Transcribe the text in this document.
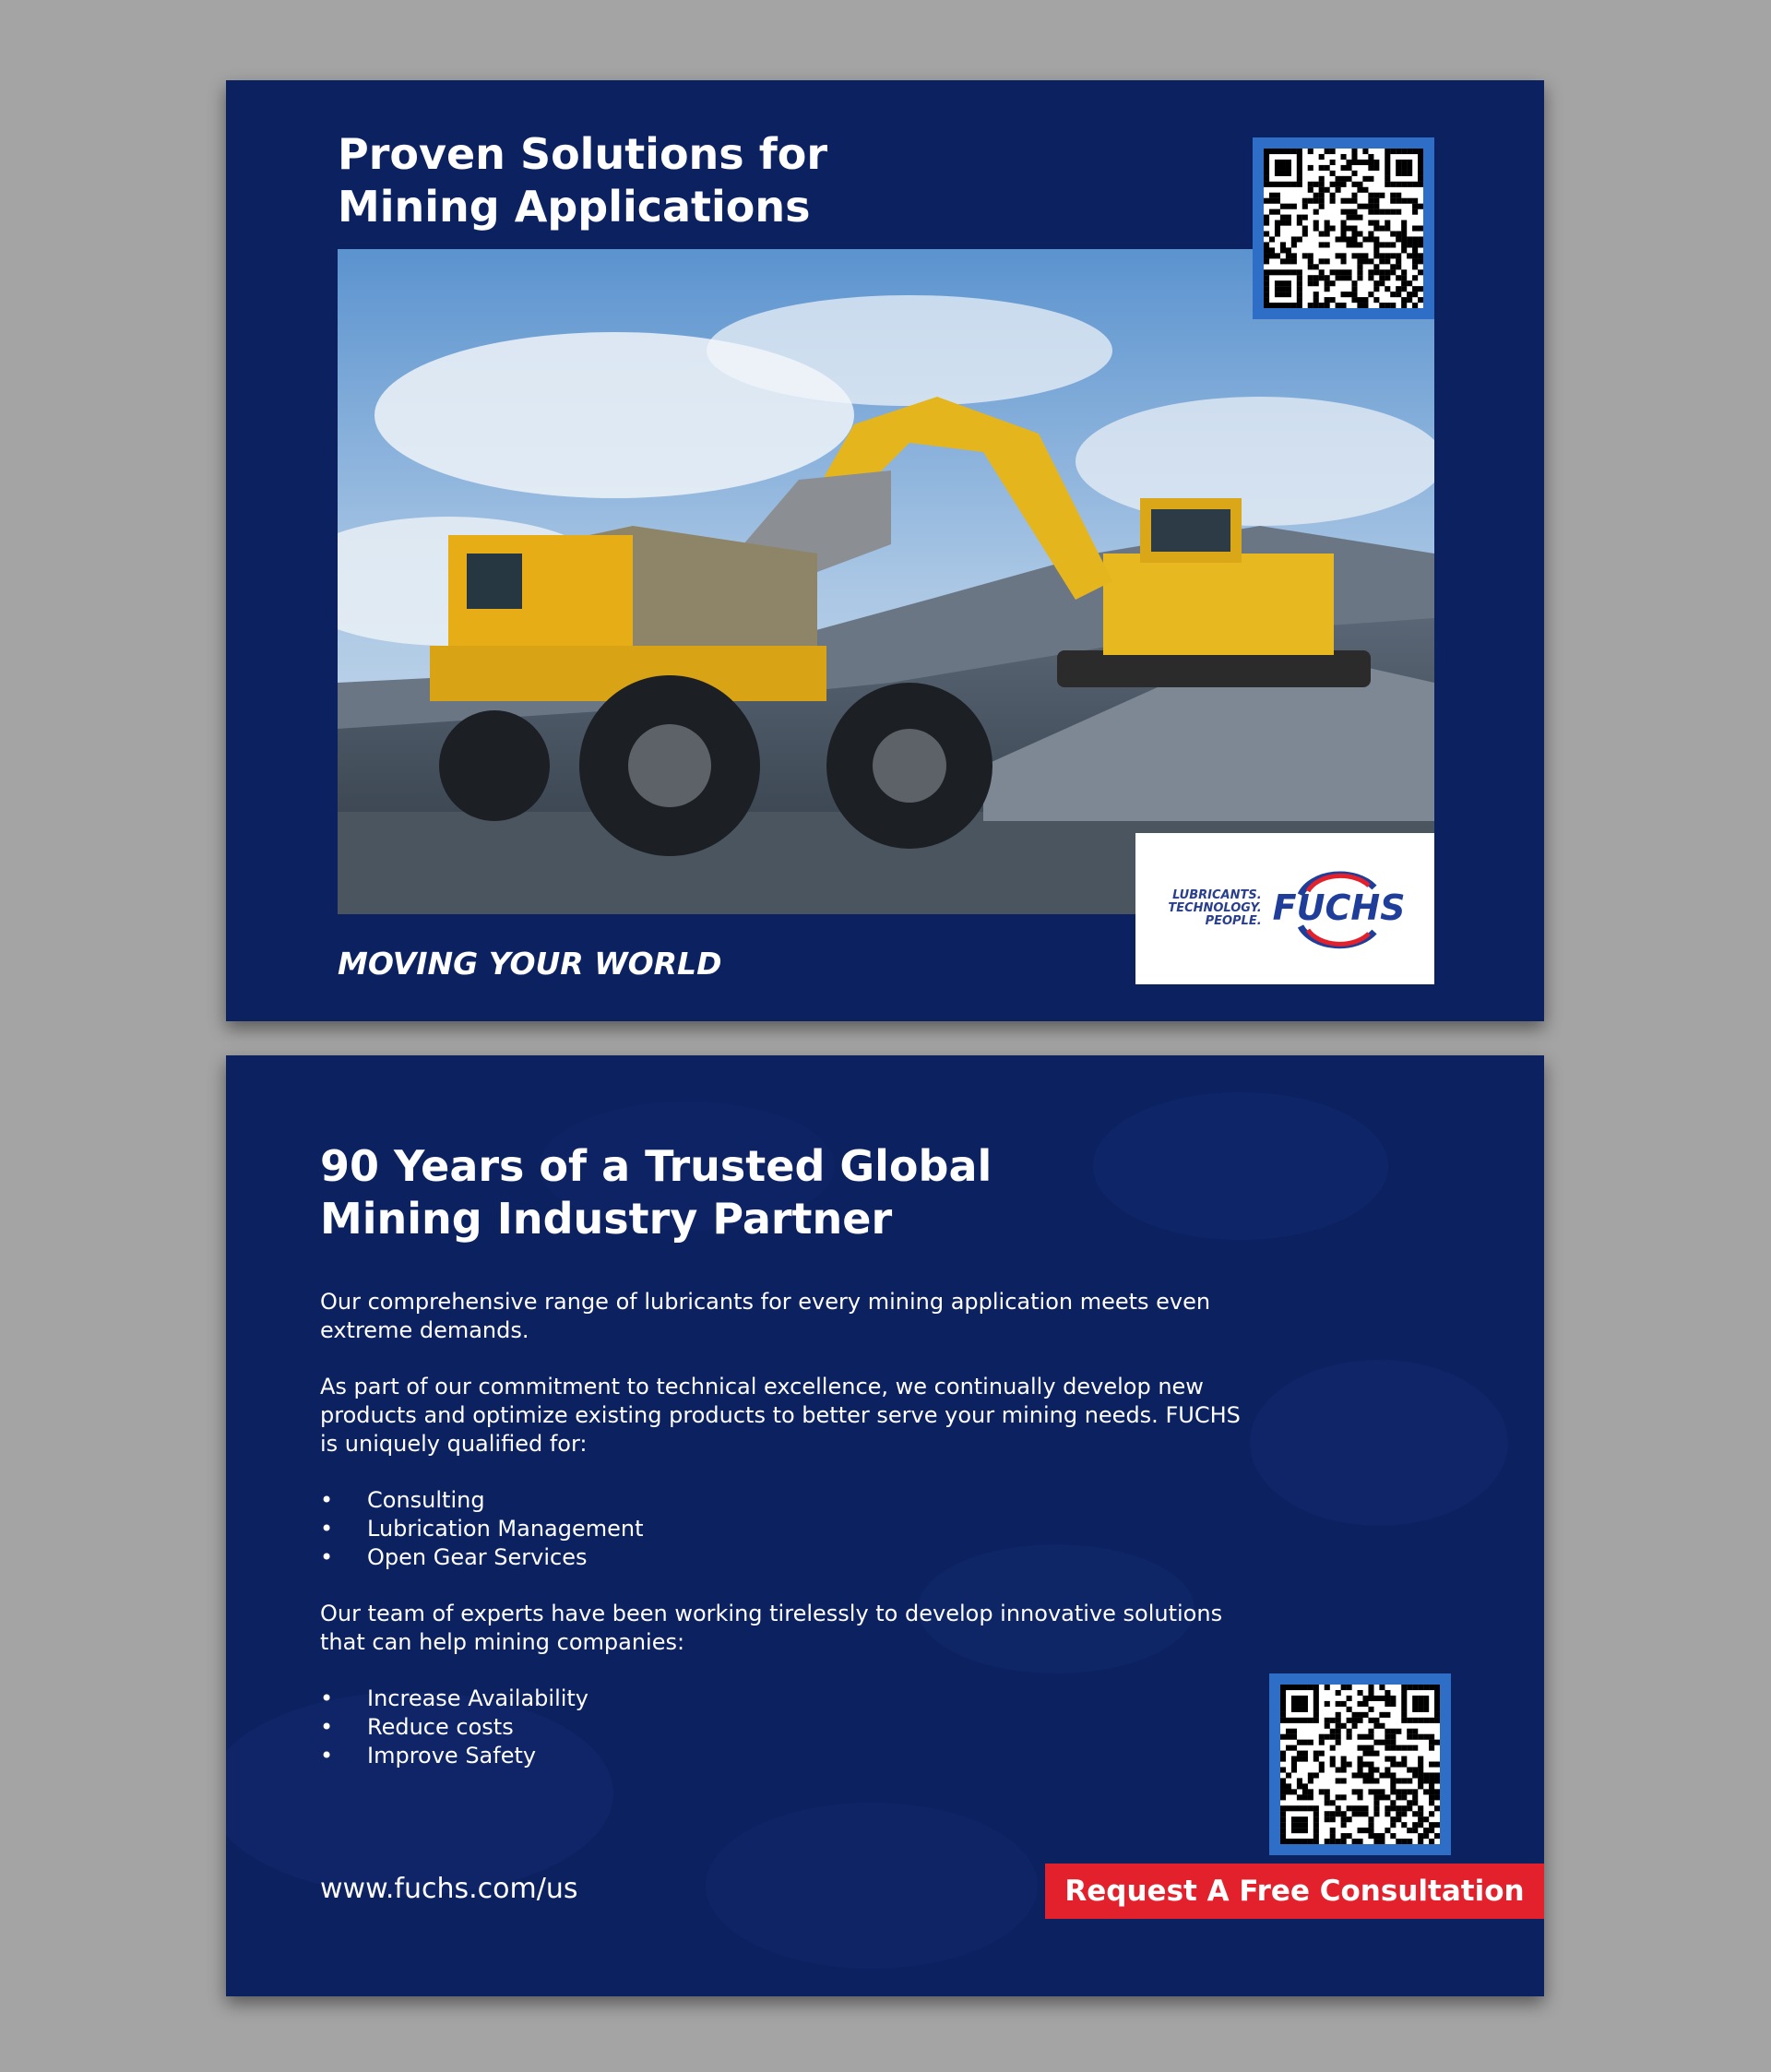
Proven Solutions for
Mining Applications
LUBRICANTS.
TECHNOLOGY.
PEOPLE. FUCHS

MOVING YOUR WORLD

90 Years of a Trusted Global
Mining Industry Partner

Our comprehensive range of lubricants for every mining application meets even extreme demands.

As part of our commitment to technical excellence, we continually develop new products and optimize existing products to better serve your mining needs. FUCHS is uniquely qualified for:

• Consulting
• Lubrication Management
• Open Gear Services

Our team of experts have been working tirelessly to develop innovative solutions that can help mining companies:

• Increase Availability
• Reduce costs
• Improve Safety
www.fuchs.com/us	Request A Free Consultation
